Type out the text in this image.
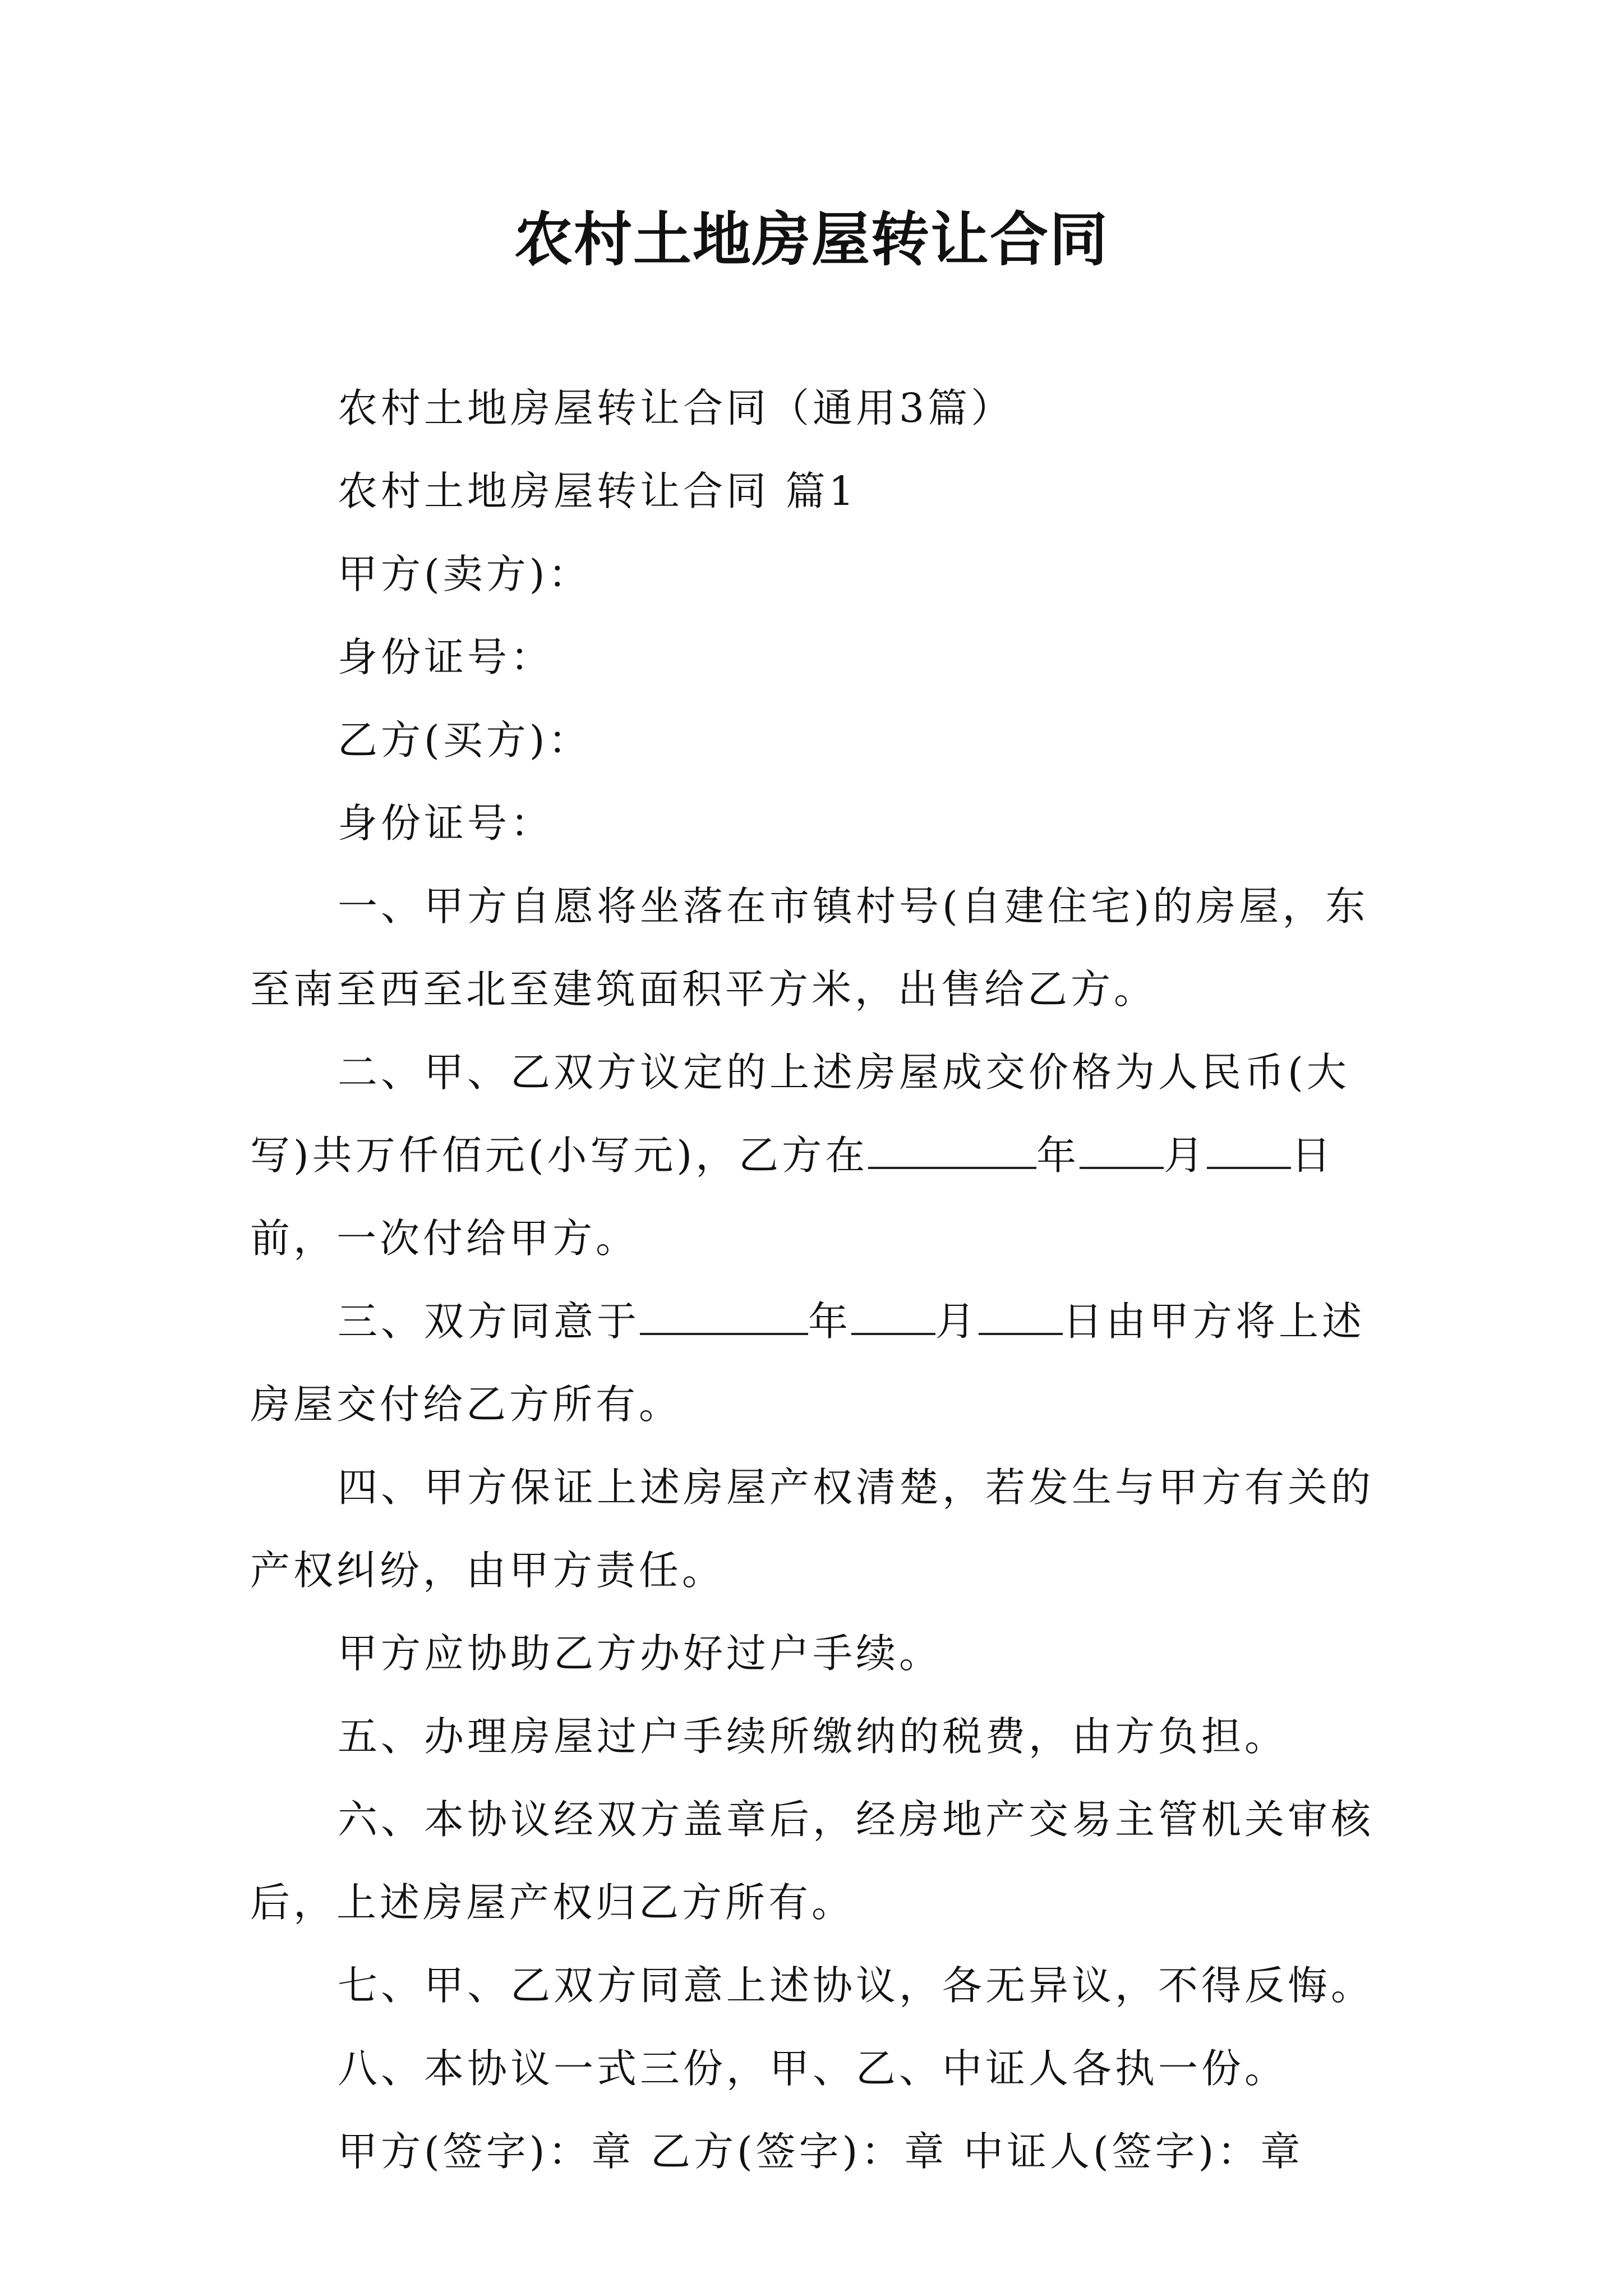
农村土地房屋转让合同

农村土地房屋转让合同（通用3篇）

农村土地房屋转让合同 篇1

甲方(卖方)：

身份证号：

乙方(买方)：

身份证号：

一、甲方自愿将坐落在市镇村号(自建住宅)的房屋，东至南至西至北至建筑面积平方米，出售给乙方。

二、甲、乙双方议定的上述房屋成交价格为人民币(大写)共万仟佰元(小写元)，乙方在	年 月 日前，一次付给甲方。

三、双方同意于	年 月 日由甲方将上述房屋交付给乙方所有。

四、甲方保证上述房屋产权清楚，若发生与甲方有关的产权纠纷，由甲方责任。

甲方应协助乙方办好过户手续。

五、办理房屋过户手续所缴纳的税费，由方负担。

六、本协议经双方盖章后，经房地产交易主管机关审核后，上述房屋产权归乙方所有。

七、甲、乙双方同意上述协议，各无异议，不得反悔。

八、本协议一式三份，甲、乙、中证人各执一份。

甲方(签字)：章 乙方(签字)：章 中证人(签字)：章
